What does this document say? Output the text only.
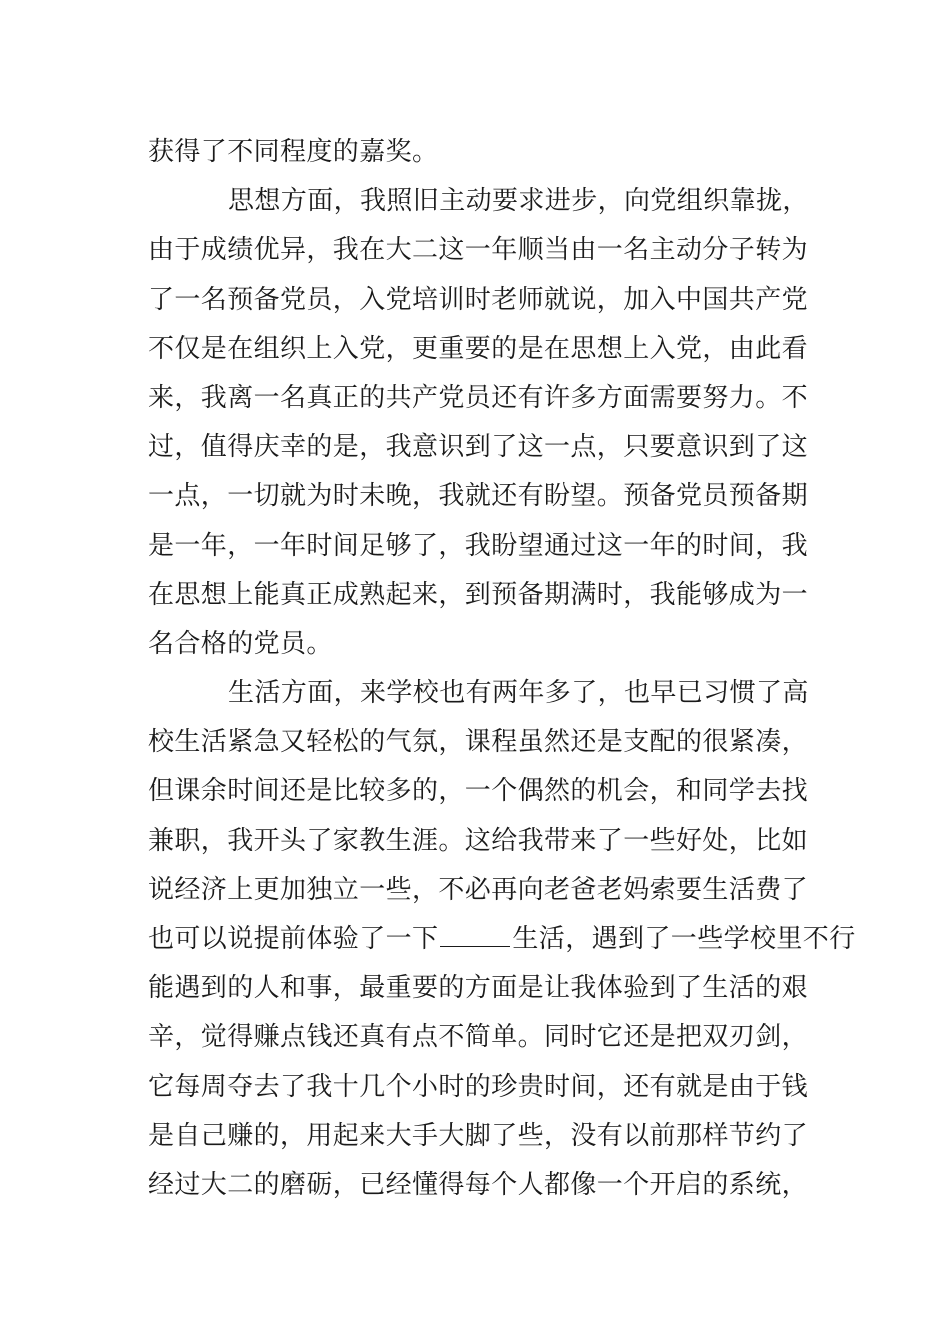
获得了不同程度的嘉奖。
思想方面，我照旧主动要求进步，向党组织靠拢，
由于成绩优异，我在大二这一年顺当由一名主动分子转为
了一名预备党员，入党培训时老师就说，加入中国共产党
不仅是在组织上入党，更重要的是在思想上入党，由此看
来，我离一名真正的共产党员还有许多方面需要努力。不
过，值得庆幸的是，我意识到了这一点，只要意识到了这
一点，一切就为时未晚，我就还有盼望。预备党员预备期
是一年，一年时间足够了，我盼望通过这一年的时间，我
在思想上能真正成熟起来，到预备期满时，我能够成为一
名合格的党员。
生活方面，来学校也有两年多了，也早已习惯了高
校生活紧急又轻松的气氛，课程虽然还是支配的很紧凑，
但课余时间还是比较多的，一个偶然的机会，和同学去找
兼职，我开头了家教生涯。这给我带来了一些好处，比如
说经济上更加独立一些，不必再向老爸老妈索要生活费了
也可以说提前体验了一下	生活，遇到了一些学校里不行
能遇到的人和事，最重要的方面是让我体验到了生活的艰
辛，觉得赚点钱还真有点不简单。同时它还是把双刃剑，
它每周夺去了我十几个小时的珍贵时间，还有就是由于钱
是自己赚的，用起来大手大脚了些，没有以前那样节约了
经过大二的磨砺，已经懂得每个人都像一个开启的系统，
